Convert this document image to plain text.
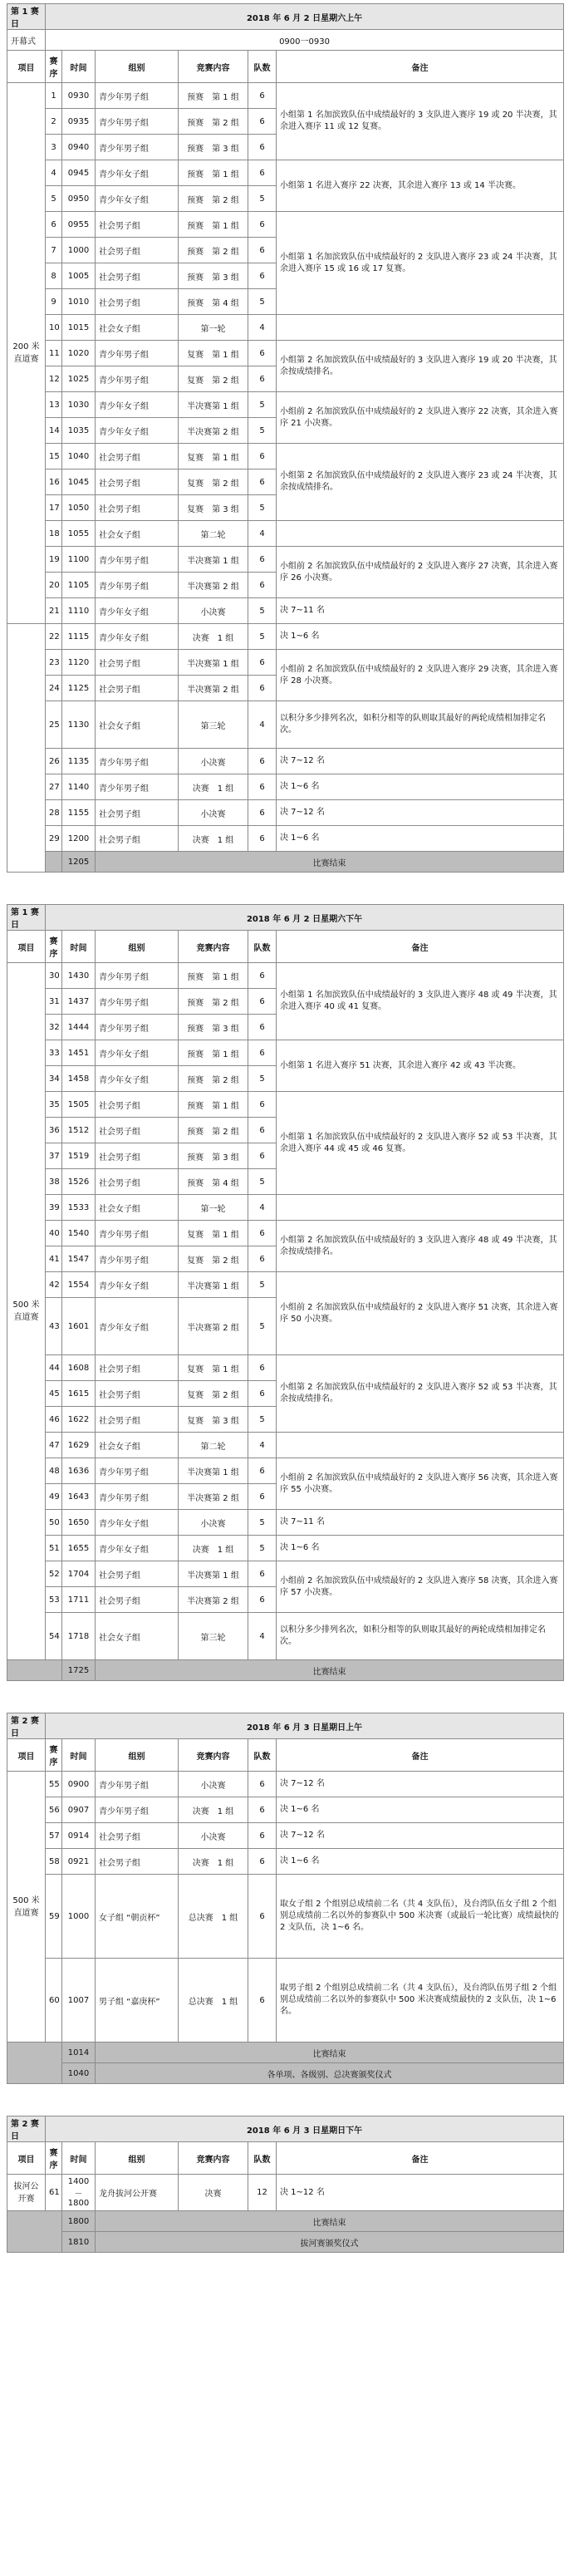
第 1 赛日	2018 年 6 月 2 日星期六上午					
开幕式	0900一0930					
项目	赛序	时间	组别	竞赛内容	队数	备注
200 米直道赛	1	0930	青少年男子组	预赛　第 1 组	6	小组第 1 名加滨致队伍中成绩最好的 3 支队进入赛序 19 或 20 半决赛，其余进入赛序 11 或 12 复赛。
	2	0935	青少年男子组	预赛　第 2 组	6	
	3	0940	青少年男子组	预赛　第 3 组	6	
	4	0945	青少年女子组	预赛　第 1 组	6	小组第 1 名进入赛序 22 决赛，其余进入赛序 13 或 14 半决赛。
	5	0950	青少年女子组	预赛　第 2 组	5	
	6	0955	社会男子组	预赛　第 1 组	6	小组第 1 名加滨致队伍中成绩最好的 2 支队进入赛序 23 或 24 半决赛，其余进入赛序 15 或 16 或 17 复赛。
	7	1000	社会男子组	预赛　第 2 组	6	
	8	1005	社会男子组	预赛　第 3 组	6	
	9	1010	社会男子组	预赛　第 4 组	5	
	10	1015	社会女子组	第一轮	4	
	11	1020	青少年男子组	复赛　第 1 组	6	小组第 2 名加滨致队伍中成绩最好的 3 支队进入赛序 19 或 20 半决赛，其余按成绩排名。
	12	1025	青少年男子组	复赛　第 2 组	6	
	13	1030	青少年女子组	半决赛第 1 组	5	小组前 2 名加滨致队伍中成绩最好的 2 支队进入赛序 22 决赛，其余进入赛序 21 小决赛。
	14	1035	青少年女子组	半决赛第 2 组	5	
	15	1040	社会男子组	复赛　第 1 组	6	小组第 2 名加滨致队伍中成绩最好的 2 支队进入赛序 23 或 24 半决赛，其余按成绩排名。
	16	1045	社会男子组	复赛　第 2 组	6	
	17	1050	社会男子组	复赛　第 3 组	5	
	18	1055	社会女子组	第二轮	4	
	19	1100	青少年男子组	半决赛第 1 组	6	小组前 2 名加滨致队伍中成绩最好的 2 支队进入赛序 27 决赛，其余进入赛序 26 小决赛。
	20	1105	青少年男子组	半决赛第 2 组	6	
	21	1110	青少年女子组	小决赛	5	决 7~11 名
	22	1115	青少年女子组	决赛　1 组	5	决 1~6 名
	23	1120	社会男子组	半决赛第 1 组	6	小组前 2 名加滨致队伍中成绩最好的 2 支队进入赛序 29 决赛，其余进入赛序 28 小决赛。
	24	1125	社会男子组	半决赛第 2 组	6	
	25	1130	社会女子组	第三轮	4	以积分多少排列名次，如积分相等的队则取其最好的两轮成绩相加排定名次。
	26	1135	青少年男子组	小决赛	6	决 7~12 名
	27	1140	青少年男子组	决赛　1 组	6	决 1~6 名
	28	1155	社会男子组	小决赛	6	决 7~12 名
	29	1200	社会男子组	决赛　1 组	6	决 1~6 名
		1205	比赛结束			
第 1 赛日	2018 年 6 月 2 日星期六下午					
项目	赛序	时间	组别	竞赛内容	队数	备注
500 米直道赛	30	1430	青少年男子组	预赛　第 1 组	6	小组第 1 名加滨致队伍中成绩最好的 3 支队进入赛序 48 或 49 半决赛，其余进入赛序 40 或 41 复赛。
	31	1437	青少年男子组	预赛　第 2 组	6	
	32	1444	青少年男子组	预赛　第 3 组	6	
	33	1451	青少年女子组	预赛　第 1 组	6	小组第 1 名进入赛序 51 决赛，其余进入赛序 42 或 43 半决赛。
	34	1458	青少年女子组	预赛　第 2 组	5	
	35	1505	社会男子组	预赛　第 1 组	6	小组第 1 名加滨致队伍中成绩最好的 2 支队进入赛序 52 或 53 半决赛，其余进入赛序 44 或 45 或 46 复赛。
	36	1512	社会男子组	预赛　第 2 组	6	
	37	1519	社会男子组	预赛　第 3 组	6	
	38	1526	社会男子组	预赛　第 4 组	5	
	39	1533	社会女子组	第一轮	4	
	40	1540	青少年男子组	复赛　第 1 组	6	小组第 2 名加滨致队伍中成绩最好的 3 支队进入赛序 48 或 49 半决赛，其余按成绩排名。
	41	1547	青少年男子组	复赛　第 2 组	6	
	42	1554	青少年女子组	半决赛第 1 组	5	小组前 2 名加滨致队伍中成绩最好的 2 支队进入赛序 51 决赛，其余进入赛序 50 小决赛。
	43	1601	青少年女子组	半决赛第 2 组	5	
	44	1608	社会男子组	复赛　第 1 组	6	小组第 2 名加滨致队伍中成绩最好的 2 支队进入赛序 52 或 53 半决赛，其余按成绩排名。
	45	1615	社会男子组	复赛　第 2 组	6	
	46	1622	社会男子组	复赛　第 3 组	5	
	47	1629	社会女子组	第二轮	4	
	48	1636	青少年男子组	半决赛第 1 组	6	小组前 2 名加滨致队伍中成绩最好的 2 支队进入赛序 56 决赛，其余进入赛序 55 小决赛。
	49	1643	青少年男子组	半决赛第 2 组	6	
	50	1650	青少年女子组	小决赛	5	决 7~11 名
	51	1655	青少年女子组	决赛　1 组	5	决 1~6 名
	52	1704	社会男子组	半决赛第 1 组	6	小组前 2 名加滨致队伍中成绩最好的 2 支队进入赛序 58 决赛，其余进入赛序 57 小决赛。
	53	1711	社会男子组	半决赛第 2 组	6	
	54	1718	社会女子组	第三轮	4	以积分多少排列名次，如积分相等的队则取其最好的两轮成绩相加排定名次。
		1725	比赛结束			
第 2 赛日	2018 年 6 月 3 日星期日上午					
项目	赛序	时间	组别	竞赛内容	队数	备注
500 米直道赛	55	0900	青少年男子组	小决赛	6	决 7~12 名
	56	0907	青少年男子组	决赛　1 组	6	决 1~6 名
	57	0914	社会男子组	小决赛	6	决 7~12 名
	58	0921	社会男子组	决赛　1 组	6	决 1~6 名
	59	1000	女子组 “朝贡杯”	总决赛　1 组	6	取女子组 2 个组别总成绩前二名（共 4 支队伍），及台湾队伍女子组 2 个组别总成绩前二名以外的参赛队中 500 米决赛（或最后一轮比赛）成绩最快的 2 支队伍，决 1~6 名。
	60	1007	男子组 “嘉庚杯”	总决赛　1 组	6	取男子组 2 个组别总成绩前二名（共 4 支队伍），及台湾队伍男子组 2 个组别总成绩前二名以外的参赛队中 500 米决赛成绩最快的 2 支队伍，决 1~6 名。
		1014	比赛结束			
		1040	各单项、各级别、总决赛颁奖仪式			
第 2 赛日	2018 年 6 月 3 日星期日下午					
项目	赛序	时间	组别	竞赛内容	队数	备注
拔河公开赛	61	1400－1800	龙舟拔河公开赛	决赛	12	决 1~12 名
		1800	比赛结束			
		1810	拔河赛颁奖仪式			
